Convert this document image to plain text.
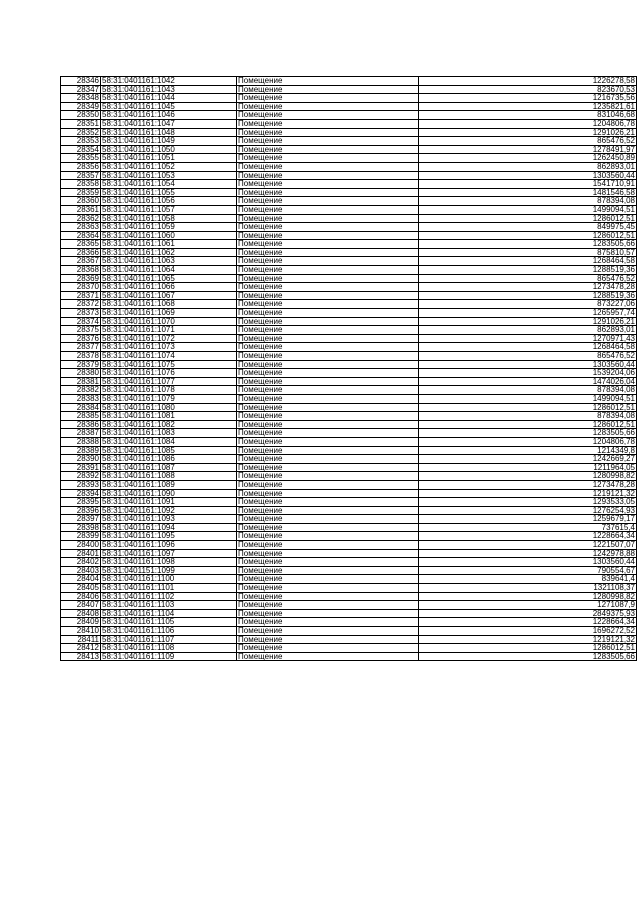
28346	58:31:0401161:1042	Помещение	1226278,58
28347	58:31:0401161:1043	Помещение	823670,53
28348	58:31:0401161:1044	Помещение	1216735,56
28349	58:31:0401161:1045	Помещение	1235821,61
28350	58:31:0401161:1046	Помещение	831046,68
28351	58:31:0401161:1047	Помещение	1204806,78
28352	58:31:0401161:1048	Помещение	1291026,21
28353	58:31:0401161:1049	Помещение	865476,52
28354	58:31:0401161:1050	Помещение	1278491,97
28355	58:31:0401161:1051	Помещение	1262450,89
28356	58:31:0401161:1052	Помещение	862893,01
28357	58:31:0401161:1053	Помещение	1303560,44
28358	58:31:0401161:1054	Помещение	1541710,91
28359	58:31:0401161:1055	Помещение	1481546,58
28360	58:31:0401161:1056	Помещение	878394,08
28361	58:31:0401161:1057	Помещение	1499094,51
28362	58:31:0401161:1058	Помещение	1286012,51
28363	58:31:0401161:1059	Помещение	849975,45
28364	58:31:0401161:1060	Помещение	1286012,51
28365	58:31:0401161:1061	Помещение	1283505,66
28366	58:31:0401161:1062	Помещение	875810,57
28367	58:31:0401161:1063	Помещение	1268464,58
28368	58:31:0401161:1064	Помещение	1288519,36
28369	58:31:0401161:1065	Помещение	865476,52
28370	58:31:0401161:1066	Помещение	1273478,28
28371	58:31:0401161:1067	Помещение	1288519,36
28372	58:31:0401161:1068	Помещение	873227,06
28373	58:31:0401161:1069	Помещение	1265957,74
28374	58:31:0401161:1070	Помещение	1291026,21
28375	58:31:0401161:1071	Помещение	862893,01
28376	58:31:0401161:1072	Помещение	1270971,43
28377	58:31:0401161:1073	Помещение	1268464,58
28378	58:31:0401161:1074	Помещение	865476,52
28379	58:31:0401161:1075	Помещение	1303560,44
28380	58:31:0401161:1076	Помещение	1539204,06
28381	58:31:0401161:1077	Помещение	1474026,04
28382	58:31:0401161:1078	Помещение	878394,08
28383	58:31:0401161:1079	Помещение	1499094,51
28384	58:31:0401161:1080	Помещение	1286012,51
28385	58:31:0401161:1081	Помещение	878394,08
28386	58:31:0401161:1082	Помещение	1286012,51
28387	58:31:0401161:1083	Помещение	1283505,66
28388	58:31:0401161:1084	Помещение	1204806,78
28389	58:31:0401161:1085	Помещение	1214349,8
28390	58:31:0401161:1086	Помещение	1242669,27
28391	58:31:0401161:1087	Помещение	1211964,05
28392	58:31:0401161:1088	Помещение	1280998,82
28393	58:31:0401161:1089	Помещение	1273478,28
28394	58:31:0401161:1090	Помещение	1219121,32
28395	58:31:0401161:1091	Помещение	1293533,05
28396	58:31:0401161:1092	Помещение	1276254,93
28397	58:31:0401161:1093	Помещение	1259679,17
28398	58:31:0401161:1094	Помещение	737615,4
28399	58:31:0401161:1095	Помещение	1228664,34
28400	58:31:0401161:1096	Помещение	1221507,07
28401	58:31:0401161:1097	Помещение	1242978,88
28402	58:31:0401161:1098	Помещение	1303560,44
28403	58:31:0401151:1099	Помещение	790554,67
28404	58:31:0401161:1100	Помещение	839641,4
28405	58:31:0401161:1101	Помещение	1321108,37
28406	58:31:0401161:1102	Помещение	1280998,82
28407	58:31:0401161:1103	Помещение	1271087,9
28408	58:31:0401161:1104	Помещение	2849375,93
28409	58:31:0401161:1105	Помещение	1228664,34
28410	58:31:0401161:1106	Помещение	1696272,52
28411	58:31:0401161:1107	Помещение	1219121,32
28412	58:31:0401161:1108	Помещение	1286012,51
28413	58:31:0401161:1109	Помещение	1283505,66
